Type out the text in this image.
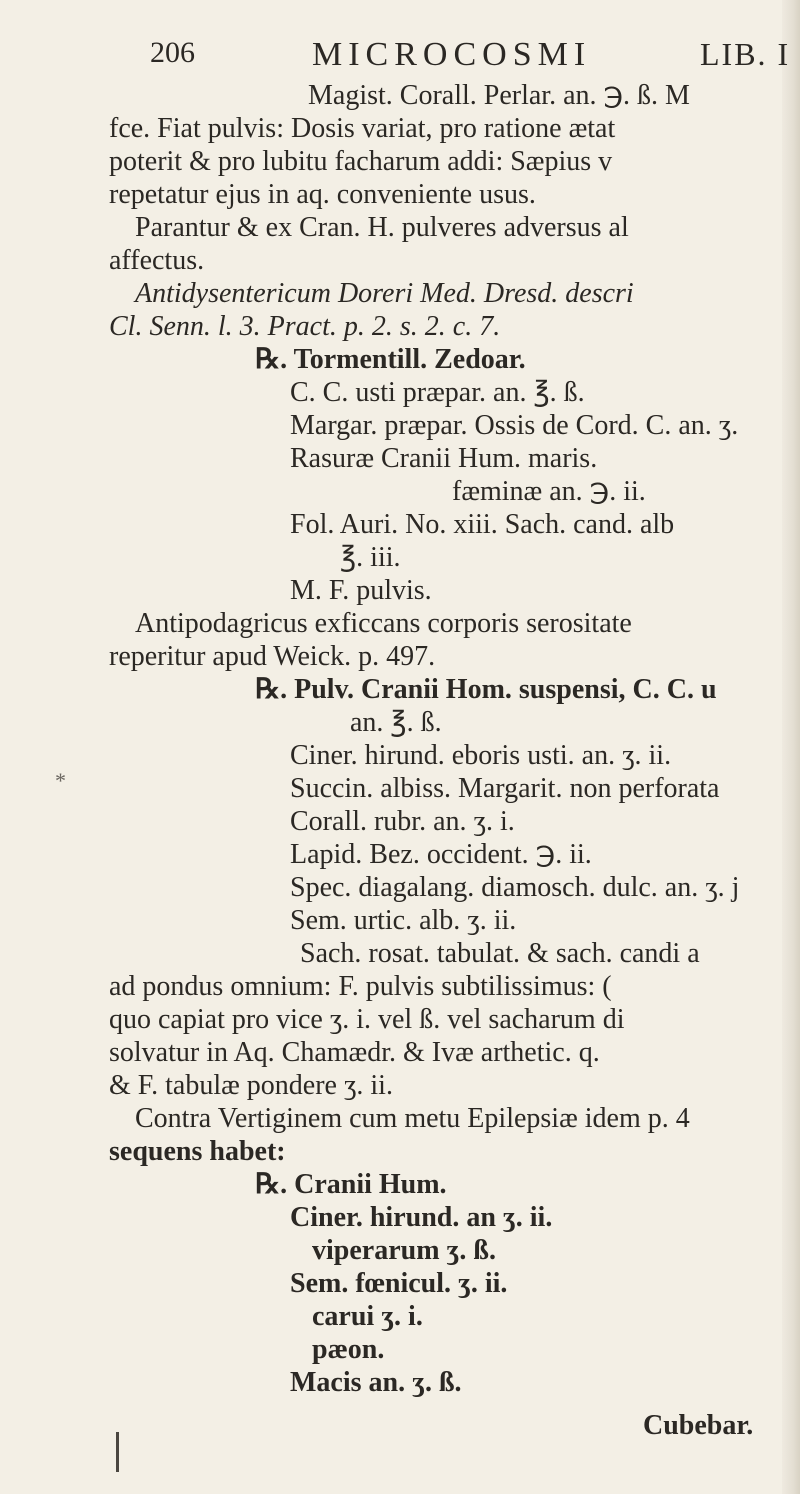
206	MICROCOSMI	LIB. I
Magist. Corall. Perlar. an. ℈. ß. M
fce. Fiat pulvis: Dosis variat, pro ratione ætat
poterit & pro lubitu facharum addi: Sæpius v
repetatur ejus in aq. conveniente usus.
Parantur & ex Cran. H. pulveres adversus al
affectus.
Antidysentericum Doreri Med. Dresd. descri
Cl. Senn. l. 3. Pract. p. 2. s. 2. c. 7.
℞. Tormentill. Zedoar.
C. C. usti præpar. an. ℥. ß.
Margar. præpar. Ossis de Cord. C. an. ʒ.
Rasuræ Cranii Hum. maris.
fæminæ an. ℈. ii.
Fol. Auri. No. xiii. Sach. cand. alb
℥. iii.
M. F. pulvis.
Antipodagricus exficcans corporis serositate
reperitur apud Weick. p. 497.
℞. Pulv. Cranii Hom. suspensi, C. C. u
an. ℥. ß.
Ciner. hirund. eboris usti. an. ʒ. ii.
Succin. albiss. Margarit. non perforata
Corall. rubr. an. ʒ. i.
Lapid. Bez. occident. ℈. ii.
Spec. diagalang. diamosch. dulc. an. ʒ. j
Sem. urtic. alb. ʒ. ii.
Sach. rosat. tabulat. & sach. candi a
ad pondus omnium: F. pulvis subtilissimus: (
quo capiat pro vice ʒ. i. vel ß. vel sacharum di
solvatur in Aq. Chamædr. & Ivæ arthetic. q.
& F. tabulæ pondere ʒ. ii.
Contra Vertiginem cum metu Epilepsiæ idem p. 4
sequens habet:
℞. Cranii Hum.
Ciner. hirund. an ʒ. ii.
viperarum ʒ. ß.
Sem. fœnicul. ʒ. ii.
carui ʒ. i.
pæon.
Macis an. ʒ. ß.
Cubebar.
*
